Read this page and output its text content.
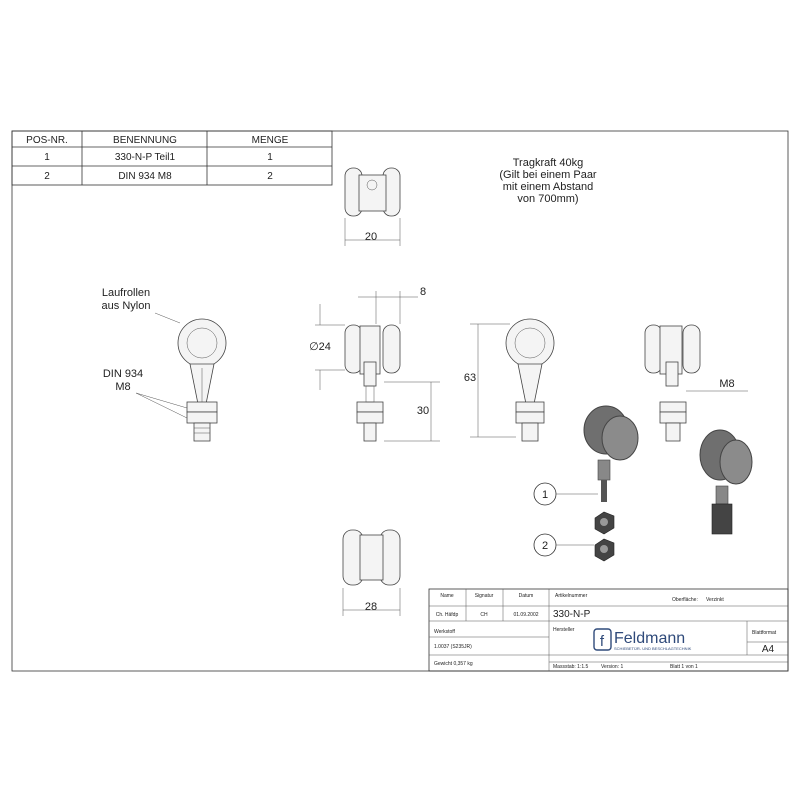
POS-NR.	BENENNUNG	MENGE
1	330-N-P Teil1	1
2	DIN 934 M8	2
Tragkraft 40kg
(Gilt bei einem Paar
mit einem Abstand
von 700mm)
20
Laufrollen
aus Nylon
DIN 934
M8
8
∅24
30
63	M8
1
2
28
Name	Signatur	Datum	Artikelnummer
Oberfläche: Verzinkt
Ch. Häfdp	CH	01.09.2002 330-N-P
Hersteller
Werkstoff
1.0037 (S235JR)	f Feldmann
SCHIEBETÜR- UND BESCHLAGTECHNIK
Blattformat
A4
Gewicht 0,357 kg	Massstab: 1:1.5	Version: 1	Blatt 1 von 1
